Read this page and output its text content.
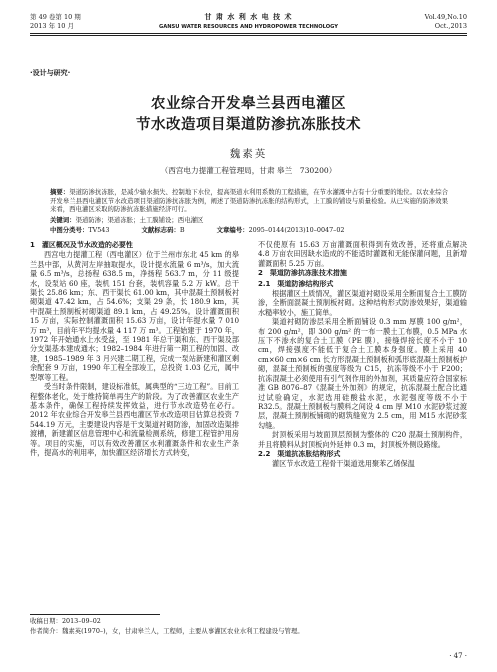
第 49 卷第 10 期
2013 年 10 月
甘 肃 水 利 水 电 技 术
GANSU WATER RESOURCES AND HYDROPOWER TECHNOLOGY
Vol.49,No.10
Oct.,2013
·设计与研究·
农业综合开发皋兰县西电灌区
节水改造项目渠道防渗抗冻胀技术
魏素英
（西宫电力提灌工程管理局，甘肃 皋兰　730200）
摘要：渠道防渗抗冻胀，是减少输水损失、控制地下水位，提高渠道水利用系数的工程措施，在节水灌溉中占有十分重要的地位。以农业综合开发皋兰县西电灌区节水改造项目渠道防渗抗冻胀为例，阐述了渠道防渗抗冻胀的结构形式，上工膜的铺设与质量检验。从已实施的防渗效果来看，西电灌区采取的防渗抗冻胀措施经济可行。
关键词：渠道防渗；渠道冻胀；土工膜铺设；西电灌区
中图分类号：TV543	文献标志码：B	文章编号：2095–0144(2013)10–0047–02

1　灌区概况及节水改造的必要性

西宫电力提灌工程（西电灌区）位于兰州市东北 45 km 的皋兰县中部，从黄河左岸抽取提水，设计提水流量 6 m³/s，加大流量 6.5 m³/s，总扬程 638.5 m，净扬程 563.7 m，分 11 级提水，设泵站 60 座，装机 151 台套，装机容量 5.2 万 kW。总干渠长 25.86 km；东、西干渠长 61.00 km，其中混凝土预制板衬砌渠道 47.42 km，占 54.6%；支渠 29 条，长 180.9 km，其中混凝土预制板衬砌渠道 89.1 km，占 49.25%。设计灌溉面积 15 万亩，实际控制灌溉面积 15.63 万亩，设计年提水量 7 010 万 m³，目前年平均提水量 4 117 万 m³。工程始建于 1970 年，1972 年开始通水上水受益，至 1981 年总干渠和东、西干渠及部分支渠基本建成通水；1982–1984 年进行第一期工程的加固、改建，1985–1989 年 3 月兴建二期工程，完成一泵站新建和灌区剩余配套 9 万亩，1990 年工程全部竣工，总投资 1.03 亿元，属中型罩等工程。

受当时条件限制，建设标准低，属典型的“三边工程”。目前工程整体老化，处于维持简单再生产的阶段。为了改善灌区农业生产基本条件，确保工程持续发挥效益，进行节水改造势在必行。2012 年农业综合开发皋兰县西电灌区节水改造项目估算总投资 7 544.19 万元，主要建设内容是干支渠道衬砌防渗，加固改造渠排渡槽，新建灌区信息管理中心和流量检测系统，修建工程管护用房等。项目的实施，可以有效改善灌区水利灌溉条件和农业生产条件，提高水的利用率，加快灌区经济增长方式转变，

不仅使原有 15.63 万亩灌溉面积得到有效改善，还将重点解决 4.8 万亩农田因缺水造成的不能适时灌溉和无能保灌问题，且新增灌溉面积 5.25 万亩。

2　渠道防渗抗冻胀技术措施

2.1　渠道防渗结构形式

根据灌区土质情况，灌区渠道衬砌设采用全断面复合土工膜防渗，全断面混凝土预制板衬砌。这种结构形式防渗效果好，渠道输水糙率较小，施工简单。

渠道衬砌防渗层采用全断面铺设 0.3 mm 厚膜 100 g/m²，布 200 g/m²，即 300 g/m² 的一布一膜土工布膜，0.5 MPa 水压下不渗水的复合土工膜（PE 膜），接缝焊接长度不小于 10 cm，焊接强度不能低于复合土工膜本身强度。膜上采用 40 cm×60 cm×6 cm 长方形混凝土预制板和弧形底混凝土预制板护砌，混凝土预制板的强度等级为 C15，抗冻等级不小于 F200；抗冻混凝土必须使用有引气剂作用的外加剂，其质量应符合国家标准 GB 8076–87《混凝土外加剂》的规定，抗冻混凝土配合比通过试验确定，水泥选用硅酸盐水泥，水泥强度等级不小于 R32.5。混凝土预制板与膜料之间设 4 cm 厚 M10 水泥砂浆过渡层，混凝土预制板铺砌的砌筑缝宽为 2.5 cm，用 M15 水泥砂浆勾缝。

封顶板采用与坡面顶层预制为整体的 C20 混凝土预制构件，并且将膜料从封顶板向外延伸 0.3 m，封顶板外侧设路缘。

2.2　渠道抗冻胀结构形式

灌区节水改造工程骨干渠道选用聚苯乙烯保温

收稿日期：2013–09–02
作者简介：魏素英(1970–)，女，甘肃皋兰人，工程师，主要从事灌区农业水利工程建设与管理。
· 47 ·
